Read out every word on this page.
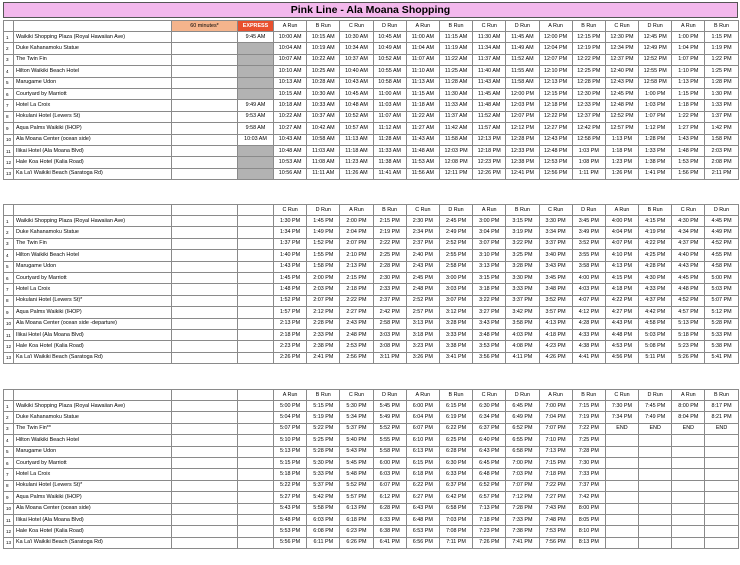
Pink Line - Ala Moana Shopping
		60 minutes*	EXPRESS	A Run	B Run	C Run	D Run	A Run	B Run	C Run	D Run	A Run	B Run	C Run	D Run	A Run	B Run
1	Waikiki Shopping Plaza (Royal Hawaiian Ave)		9:45 AM	10:00 AM	10:15 AM	10:30 AM	10:45 AM	11:00 AM	11:15 AM	11:30 AM	11:45 AM	12:00 PM	12:15 PM	12:30 PM	12:45 PM	1:00 PM	1:15 PM
2	Duke Kahanamoku Statue			10:04 AM	10:19 AM	10:34 AM	10:49 AM	11:04 AM	11:19 AM	11:34 AM	11:49 AM	12:04 PM	12:19 PM	12:34 PM	12:49 PM	1:04 PM	1:19 PM
3	The Twin Fin			10:07 AM	10:22 AM	10:37 AM	10:52 AM	11:07 AM	11:22 AM	11:37 AM	11:52 AM	12:07 PM	12:22 PM	12:37 PM	12:52 PM	1:07 PM	1:22 PM
4	Hilton Waikiki Beach Hotel			10:10 AM	10:25 AM	10:40 AM	10:55 AM	11:10 AM	11:25 AM	11:40 AM	11:55 AM	12:10 PM	12:25 PM	12:40 PM	12:55 PM	1:10 PM	1:25 PM
5	Marugame Udon			10:13 AM	10:28 AM	10:43 AM	10:58 AM	11:13 AM	11:28 AM	11:43 AM	11:58 AM	12:13 PM	12:28 PM	12:43 PM	12:58 PM	1:13 PM	1:28 PM
6	Courtyard by Marriott			10:15 AM	10:30 AM	10:45 AM	11:00 AM	11:15 AM	11:30 AM	11:45 AM	12:00 PM	12:15 PM	12:30 PM	12:45 PM	1:00 PM	1:15 PM	1:30 PM
7	Hotel La Croix		9:49 AM	10:18 AM	10:33 AM	10:48 AM	11:03 AM	11:18 AM	11:33 AM	11:48 AM	12:03 PM	12:18 PM	12:33 PM	12:48 PM	1:03 PM	1:18 PM	1:33 PM
8	Hokulani Hotel (Lewers St)		9:53 AM	10:22 AM	10:37 AM	10:52 AM	11:07 AM	11:22 AM	11:37 AM	11:52 AM	12:07 PM	12:22 PM	12:37 PM	12:52 PM	1:07 PM	1:22 PM	1:37 PM
9	Aqua Palms Waikiki (IHOP)		9:58 AM	10:27 AM	10:42 AM	10:57 AM	11:12 AM	11:27 AM	11:42 AM	11:57 AM	12:12 PM	12:27 PM	12:42 PM	12:57 PM	1:12 PM	1:27 PM	1:42 PM
10	Ala Moana Center (ocean side)		10:03 AM	10:43 AM	10:58 AM	11:13 AM	11:28 AM	11:43 AM	11:58 AM	12:13 PM	12:28 PM	12:43 PM	12:58 PM	1:13 PM	1:28 PM	1:43 PM	1:58 PM
11	Ilikai Hotel (Ala Moana Blvd)			10:48 AM	11:03 AM	11:18 AM	11:33 AM	11:48 AM	12:03 PM	12:18 PM	12:33 PM	12:48 PM	1:03 PM	1:18 PM	1:33 PM	1:48 PM	2:03 PM
12	Hale Koa Hotel (Kalia Road)			10:53 AM	11:08 AM	11:23 AM	11:38 AM	11:53 AM	12:08 PM	12:23 PM	12:38 PM	12:53 PM	1:08 PM	1:23 PM	1:38 PM	1:53 PM	2:08 PM
13	Ka La'i Waikiki Beach (Saratoga Rd)			10:56 AM	11:11 AM	11:26 AM	11:41 AM	11:56 AM	12:11 PM	12:26 PM	12:41 PM	12:56 PM	1:11 PM	1:26 PM	1:41 PM	1:56 PM	2:11 PM
				C Run	D Run	A Run	B Run	C Run	D Run	A Run	B Run	C Run	D Run	A Run	B Run	C Run	D Run
1	Waikiki Shopping Plaza (Royal Hawaiian Ave)			1:30 PM	1:45 PM	2:00 PM	2:15 PM	2:30 PM	2:45 PM	3:00 PM	3:15 PM	3:30 PM	3:45 PM	4:00 PM	4:15 PM	4:30 PM	4:45 PM
2	Duke Kahanamoku Statue			1:34 PM	1:49 PM	2:04 PM	2:19 PM	2:34 PM	2:49 PM	3:04 PM	3:19 PM	3:34 PM	3:49 PM	4:04 PM	4:19 PM	4:34 PM	4:49 PM
3	The Twin Fin			1:37 PM	1:52 PM	2:07 PM	2:22 PM	2:37 PM	2:52 PM	3:07 PM	3:22 PM	3:37 PM	3:52 PM	4:07 PM	4:22 PM	4:37 PM	4:52 PM
4	Hilton Waikiki Beach Hotel			1:40 PM	1:55 PM	2:10 PM	2:25 PM	2:40 PM	2:55 PM	3:10 PM	3:25 PM	3:40 PM	3:55 PM	4:10 PM	4:25 PM	4:40 PM	4:55 PM
5	Marugame Udon			1:43 PM	1:58 PM	2:13 PM	2:28 PM	2:43 PM	2:58 PM	3:13 PM	3:28 PM	3:43 PM	3:58 PM	4:13 PM	4:28 PM	4:43 PM	4:58 PM
6	Courtyard by Marriott			1:45 PM	2:00 PM	2:15 PM	2:30 PM	2:45 PM	3:00 PM	3:15 PM	3:30 PM	3:45 PM	4:00 PM	4:15 PM	4:30 PM	4:45 PM	5:00 PM
7	Hotel La Croix			1:48 PM	2:03 PM	2:18 PM	2:33 PM	2:48 PM	3:03 PM	3:18 PM	3:33 PM	3:48 PM	4:03 PM	4:18 PM	4:33 PM	4:48 PM	5:03 PM
8	Hokulani Hotel (Lewers St)*			1:52 PM	2:07 PM	2:22 PM	2:37 PM	2:52 PM	3:07 PM	3:22 PM	3:37 PM	3:52 PM	4:07 PM	4:22 PM	4:37 PM	4:52 PM	5:07 PM
9	Aqua Palms Waikiki (IHOP)			1:57 PM	2:12 PM	2:27 PM	2:42 PM	2:57 PM	3:12 PM	3:27 PM	3:42 PM	3:57 PM	4:12 PM	4:27 PM	4:42 PM	4:57 PM	5:12 PM
10	Ala Moana Center (ocean side -departure)			2:13 PM	2:28 PM	2:43 PM	2:58 PM	3:13 PM	3:28 PM	3:43 PM	3:58 PM	4:13 PM	4:28 PM	4:43 PM	4:58 PM	5:13 PM	5:28 PM
11	Ilikai Hotel (Ala Moana Blvd)			2:18 PM	2:33 PM	2:48 PM	3:03 PM	3:18 PM	3:33 PM	3:48 PM	4:03 PM	4:18 PM	4:33 PM	4:48 PM	5:03 PM	5:18 PM	5:33 PM
12	Hale Koa Hotel (Kalia Road)			2:23 PM	2:38 PM	2:53 PM	3:08 PM	3:23 PM	3:38 PM	3:53 PM	4:08 PM	4:23 PM	4:38 PM	4:53 PM	5:08 PM	5:23 PM	5:38 PM
13	Ka La'i Waikiki Beach (Saratoga Rd)			2:26 PM	2:41 PM	2:56 PM	3:11 PM	3:26 PM	3:41 PM	3:56 PM	4:11 PM	4:26 PM	4:41 PM	4:56 PM	5:11 PM	5:26 PM	5:41 PM
				A Run	B Run	C Run	D Run	A Run	B Run	C Run	D Run	A Run	B Run	C Run	D Run	A Run	B Run
1	Waikiki Shopping Plaza (Royal Hawaiian Ave)			5:00 PM	5:15 PM	5:30 PM	5:45 PM	6:00 PM	6:15 PM	6:30 PM	6:45 PM	7:00 PM	7:15 PM	7:30 PM	7:45 PM	8:00 PM	8:17 PM
2	Duke Kahanamoku Statue			5:04 PM	5:19 PM	5:34 PM	5:49 PM	6:04 PM	6:19 PM	6:34 PM	6:49 PM	7:04 PM	7:19 PM	7:34 PM	7:49 PM	8:04 PM	8:21 PM
3	The Twin Fin**			5:07 PM	5:22 PM	5:37 PM	5:52 PM	6:07 PM	6:22 PM	6:37 PM	6:52 PM	7:07 PM	7:22 PM	END	END	END	END
4	Hilton Waikiki Beach Hotel			5:10 PM	5:25 PM	5:40 PM	5:55 PM	6:10 PM	6:25 PM	6:40 PM	6:55 PM	7:10 PM	7:25 PM				
5	Marugame Udon			5:13 PM	5:28 PM	5:43 PM	5:58 PM	6:13 PM	6:28 PM	6:43 PM	6:58 PM	7:13 PM	7:28 PM				
6	Courtyard by Marriott			5:15 PM	5:30 PM	5:45 PM	6:00 PM	6:15 PM	6:30 PM	6:45 PM	7:00 PM	7:15 PM	7:30 PM				
7	Hotel La Croix			5:18 PM	5:33 PM	5:48 PM	6:03 PM	6:18 PM	6:33 PM	6:48 PM	7:03 PM	7:18 PM	7:33 PM				
8	Hokulani Hotel (Lewers St)*			5:22 PM	5:37 PM	5:52 PM	6:07 PM	6:22 PM	6:37 PM	6:52 PM	7:07 PM	7:22 PM	7:37 PM				
9	Aqua Palms Waikiki (IHOP)			5:27 PM	5:42 PM	5:57 PM	6:12 PM	6:27 PM	6:42 PM	6:57 PM	7:12 PM	7:27 PM	7:42 PM				
10	Ala Moana Center (ocean side)			5:43 PM	5:58 PM	6:13 PM	6:28 PM	6:43 PM	6:58 PM	7:13 PM	7:28 PM	7:43 PM	8:00 PM				
11	Ilikai Hotel (Ala Moana Blvd)			5:48 PM	6:03 PM	6:18 PM	6:33 PM	6:48 PM	7:03 PM	7:18 PM	7:33 PM	7:48 PM	8:05 PM				
12	Hale Koa Hotel (Kalia Road)			5:53 PM	6:08 PM	6:23 PM	6:38 PM	6:53 PM	7:08 PM	7:23 PM	7:38 PM	7:53 PM	8:10 PM				
13	Ka La'i Waikiki Beach (Saratoga Rd)			5:56 PM	6:11 PM	6:26 PM	6:41 PM	6:56 PM	7:11 PM	7:26 PM	7:41 PM	7:56 PM	8:13 PM				
